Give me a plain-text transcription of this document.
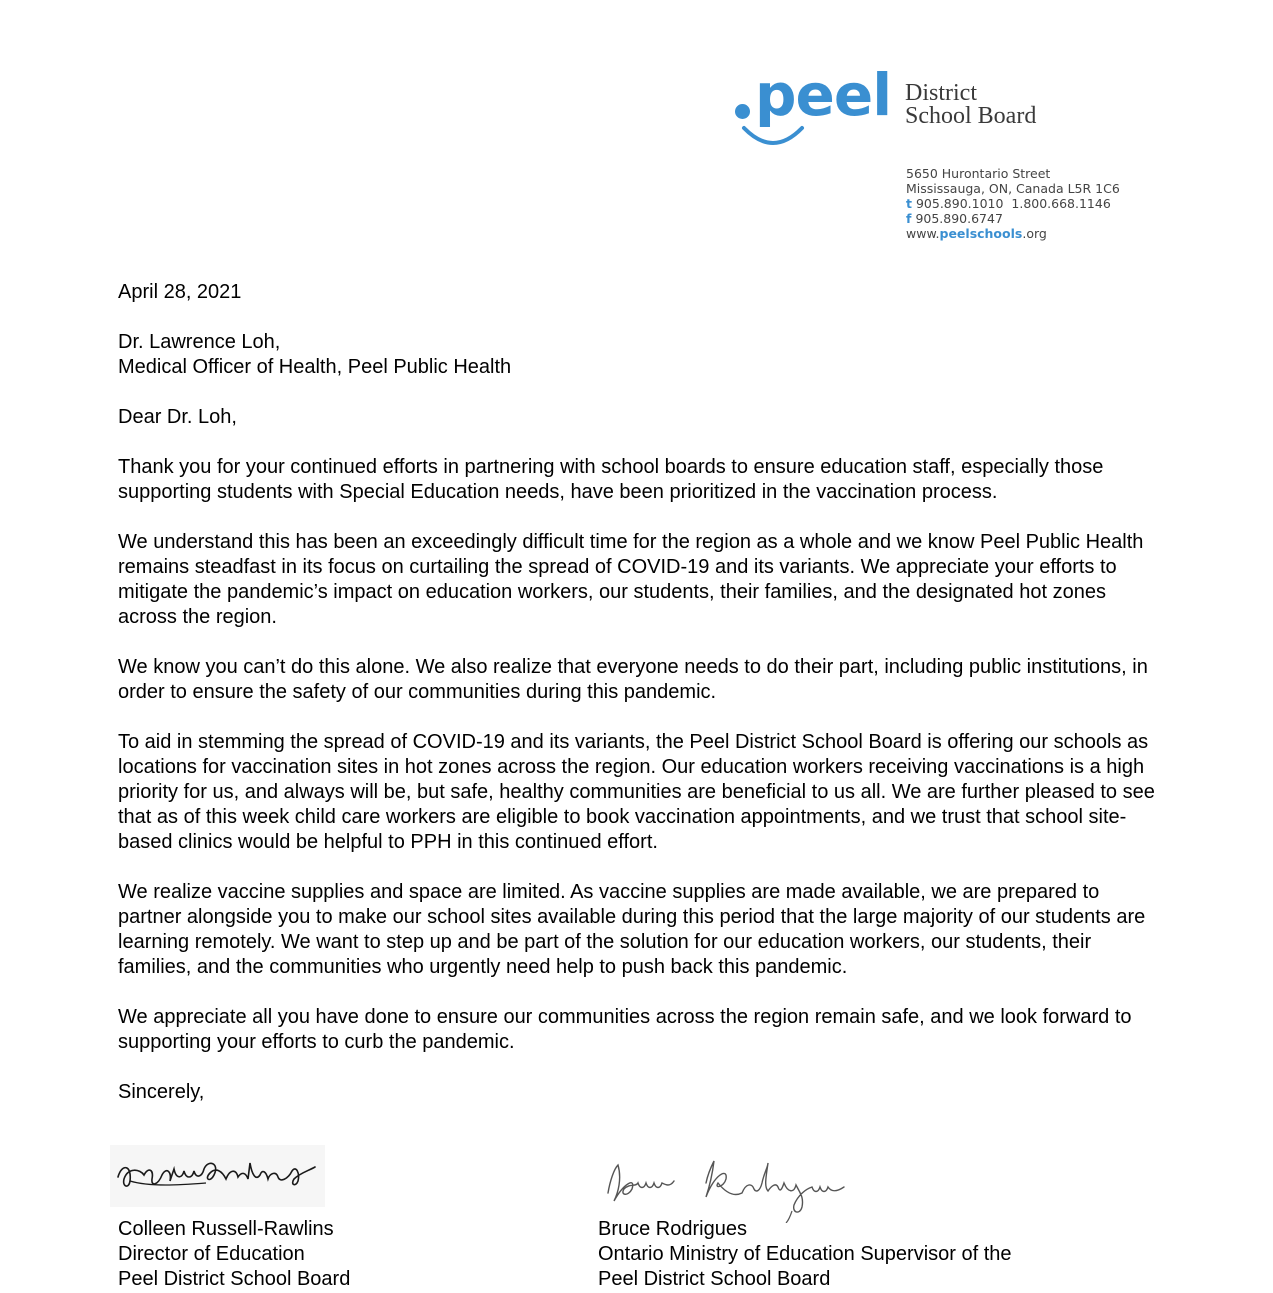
peel District
School Board
5650 Hurontario Street
Mississauga, ON, Canada L5R 1C6
t 905.890.1010  1.800.668.1146
f 905.890.6747
www.peelschools.org

April 28, 2021

Dr. Lawrence Loh,

Medical Officer of Health, Peel Public Health

Dear Dr. Loh,

Thank you for your continued efforts in partnering with school boards to ensure education staff, especially those supporting students with Special Education needs, have been prioritized in the vaccination process.

We understand this has been an exceedingly difficult time for the region as a whole and we know Peel Public Health remains steadfast in its focus on curtailing the spread of COVID-19 and its variants. We appreciate your efforts to mitigate the pandemic’s impact on education workers, our students, their families, and the designated hot zones across the region.

We know you can’t do this alone. We also realize that everyone needs to do their part, including public institutions, in order to ensure the safety of our communities during this pandemic.

To aid in stemming the spread of COVID-19 and its variants, the Peel District School Board is offering our schools as locations for vaccination sites in hot zones across the region. Our education workers receiving vaccinations is a high priority for us, and always will be, but safe, healthy communities are beneficial to us all. We are further pleased to see that as of this week child care workers are eligible to book vaccination appointments, and we trust that school site-based clinics would be helpful to PPH in this continued effort.

We realize vaccine supplies and space are limited. As vaccine supplies are made available, we are prepared to partner alongside you to make our school sites available during this period that the large majority of our students are learning remotely. We want to step up and be part of the solution for our education workers, our students, their families, and the communities who urgently need help to push back this pandemic.

We appreciate all you have done to ensure our communities across the region remain safe, and we look forward to supporting your efforts to curb the pandemic.

Sincerely,

Colleen Russell-Rawlins
Director of Education
Peel District School Board
Bruce Rodrigues
Ontario Ministry of Education Supervisor of the
Peel District School Board
